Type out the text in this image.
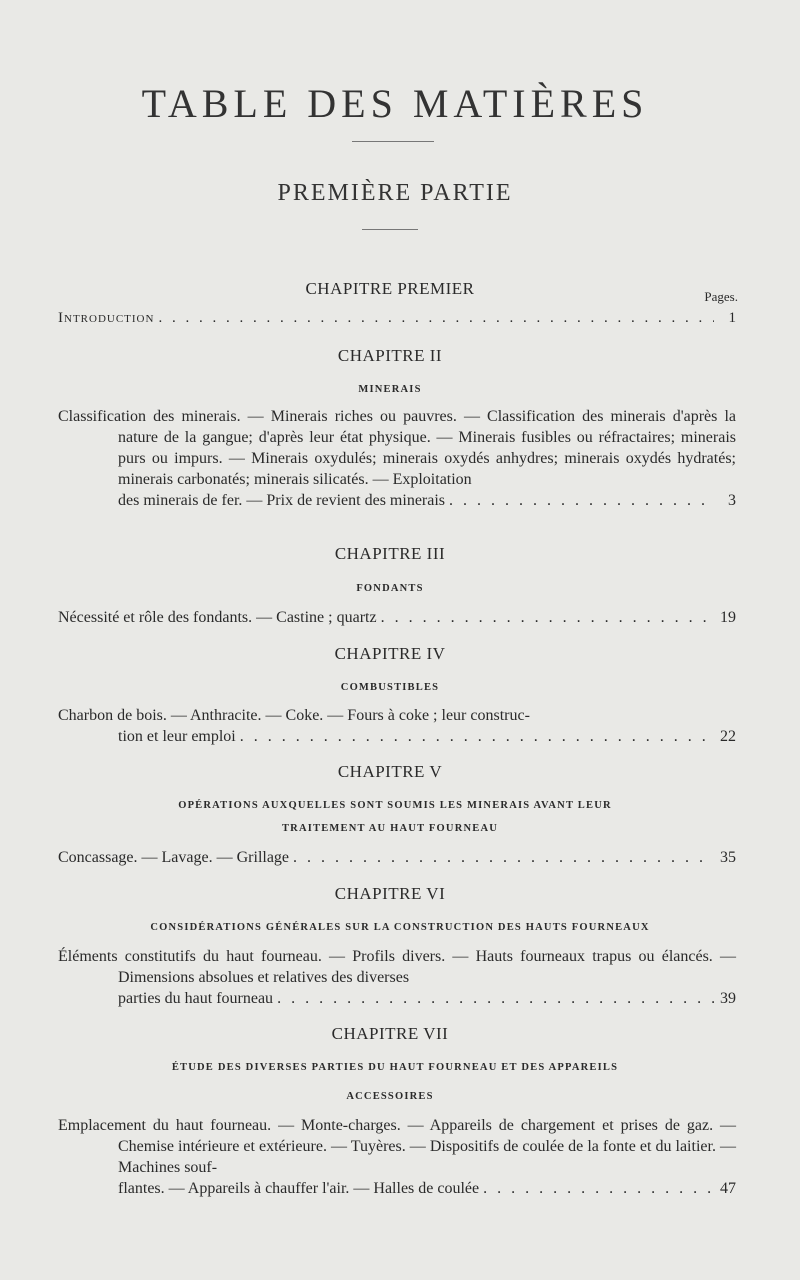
TABLE DES MATIÈRES
PREMIÈRE PARTIE
CHAPITRE PREMIER	Pages.
Introduction . . .	1
CHAPITRE II
MINERAIS
Classification des minerais. — Minerais riches ou pauvres. — Classification des minerais d'après la nature de la gangue; d'après leur état physique. — Minerais fusibles ou réfractaires; minerais purs ou impurs. — Minerais oxydulés; minerais oxydés anhydres; minerais oxydés hydratés; minerais carbonatés; minerais silicatés. — Exploitation
des minerais de fer. — Prix de revient des minerais . . .	3
CHAPITRE III
FONDANTS
Nécessité et rôle des fondants. — Castine ; quartz . . .	19
CHAPITRE IV
COMBUSTIBLES
Charbon de bois. — Anthracite. — Coke. — Fours à coke ; leur construc-
tion et leur emploi . . .	22
CHAPITRE V
OPÉRATIONS AUXQUELLES SONT SOUMIS LES MINERAIS AVANT LEUR
TRAITEMENT AU HAUT FOURNEAU
Concassage. — Lavage. — Grillage . . .	35
CHAPITRE VI
CONSIDÉRATIONS GÉNÉRALES SUR LA CONSTRUCTION DES HAUTS FOURNEAUX
Éléments constitutifs du haut fourneau. — Profils divers. — Hauts fourneaux trapus ou élancés. — Dimensions absolues et relatives des diverses
parties du haut fourneau . . .	39
CHAPITRE VII
ÉTUDE DES DIVERSES PARTIES DU HAUT FOURNEAU ET DES APPAREILS
ACCESSOIRES
Emplacement du haut fourneau. — Monte-charges. — Appareils de chargement et prises de gaz. — Chemise intérieure et extérieure. — Tuyères. — Dispositifs de coulée de la fonte et du laitier. — Machines souf-
flantes. — Appareils à chauffer l'air. — Halles de coulée . . .	47
